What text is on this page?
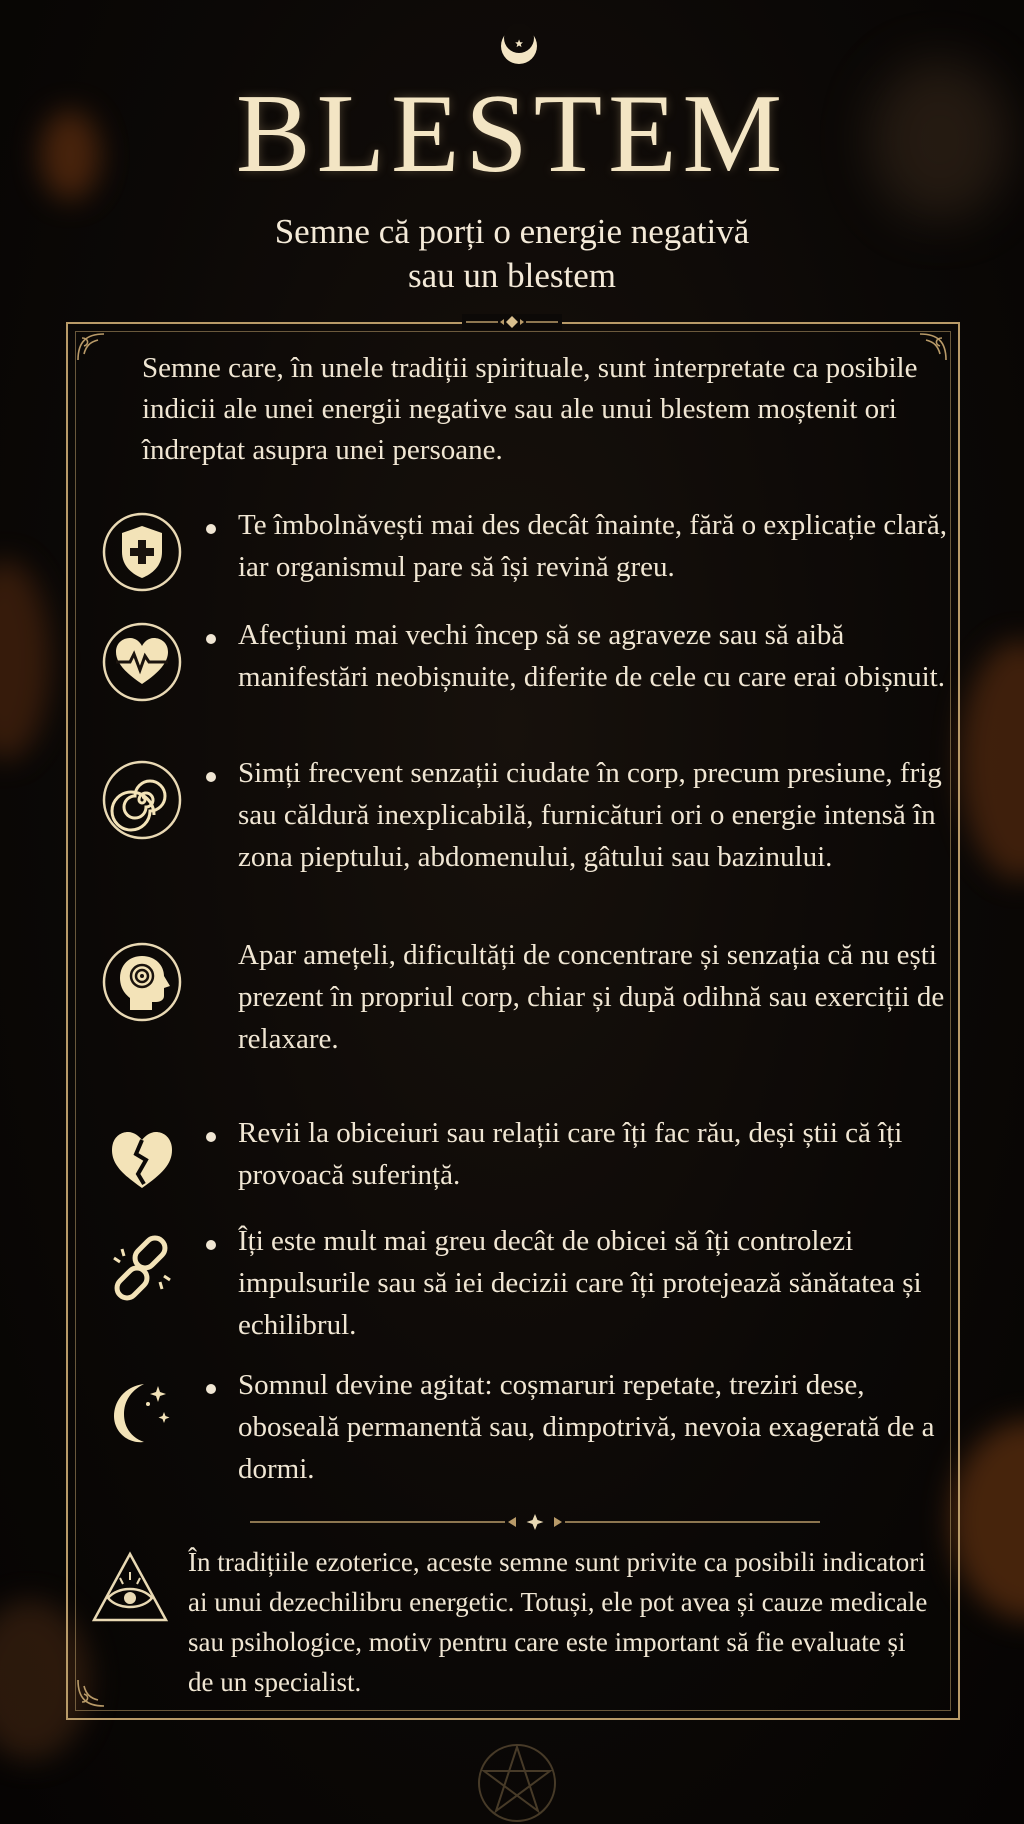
BLESTEM
Semne că porți o energie negativă
sau un blestem
Semne care, în unele tradiții spirituale, sunt interpretate ca posibile indicii ale unei energii negative sau ale unui blestem moștenit ori îndreptat asupra unei persoane.
Te îmbolnăvești mai des decât înainte, fără o explicație clară, iar organismul pare să își revină greu.
Afecțiuni mai vechi încep să se agraveze sau să aibă manifestări neobișnuite, diferite de cele cu care erai obișnuit.
Simți frecvent senzații ciudate în corp, precum presiune, frig sau căldură inexplicabilă, furnicături ori o energie intensă în zona pieptului, abdomenului, gâtului sau bazinului.
Apar amețeli, dificultăți de concentrare și senzația că nu ești prezent în propriul corp, chiar și după odihnă sau exerciții de relaxare.
Revii la obiceiuri sau relații care îți fac rău, deși știi că îți provoacă suferință.
Îți este mult mai greu decât de obicei să îți controlezi impulsurile sau să iei decizii care îți protejează sănătatea și echilibrul.
Somnul devine agitat: coșmaruri repetate, treziri dese, oboseală permanentă sau, dimpotrivă, nevoia exagerată de a dormi.
În tradițiile ezoterice, aceste semne sunt privite ca posibili indicatori ai unui dezechilibru energetic. Totuși, ele pot avea și cauze medicale sau psihologice, motiv pentru care este important să fie evaluate și de un specialist.
